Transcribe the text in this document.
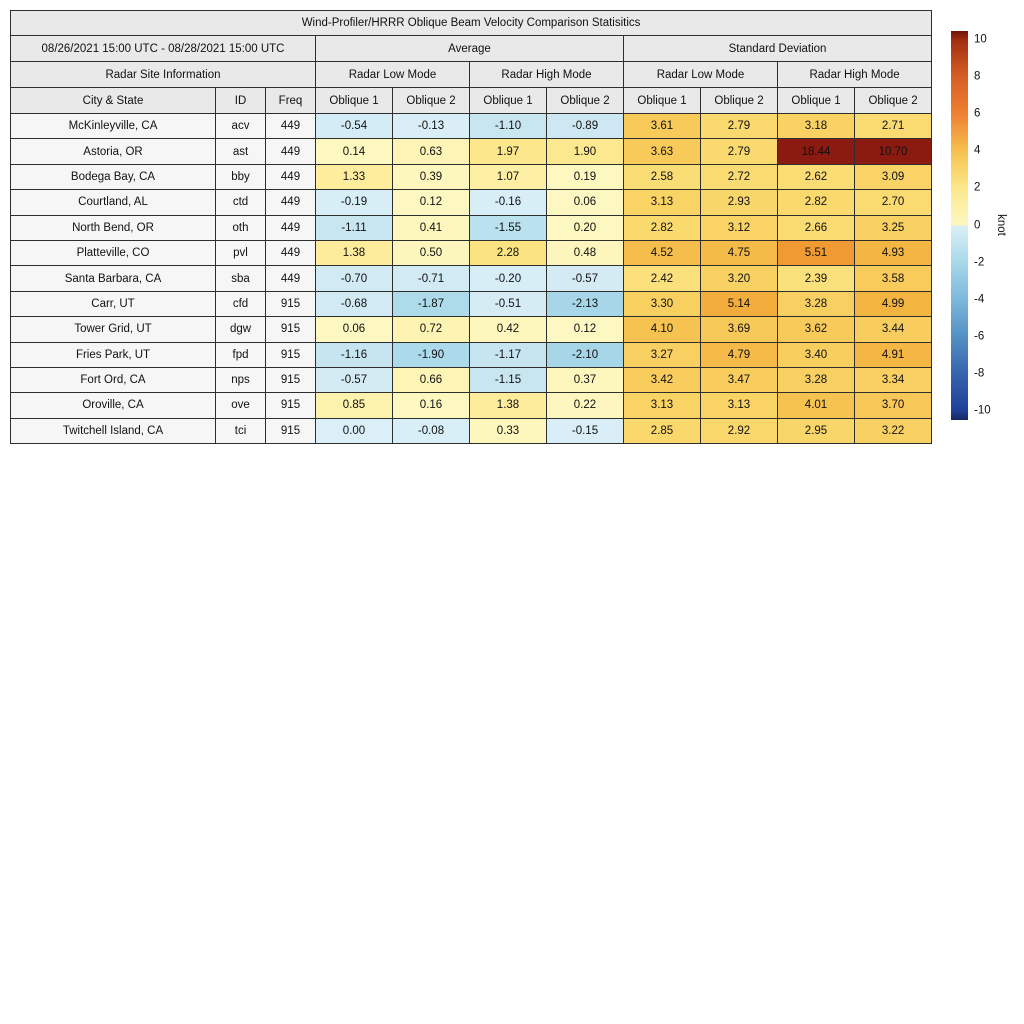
Wind-Profiler/HRRR Oblique Beam Velocity Comparison Statisitics										
08/26/2021 15:00 UTC - 08/28/2021 15:00 UTC			Average				Standard Deviation			
Radar Site Information			Radar Low Mode		Radar High Mode		Radar Low Mode		Radar High Mode	
City & State	ID	Freq	Oblique 1	Oblique 2	Oblique 1	Oblique 2	Oblique 1	Oblique 2	Oblique 1	Oblique 2
McKinleyville, CA	acv	449	-0.54	-0.13	-1.10	-0.89	3.61	2.79	3.18	2.71
Astoria, OR	ast	449	0.14	0.63	1.97	1.90	3.63	2.79	18.44	10.70
Bodega Bay, CA	bby	449	1.33	0.39	1.07	0.19	2.58	2.72	2.62	3.09
Courtland, AL	ctd	449	-0.19	0.12	-0.16	0.06	3.13	2.93	2.82	2.70
North Bend, OR	oth	449	-1.11	0.41	-1.55	0.20	2.82	3.12	2.66	3.25
Platteville, CO	pvl	449	1.38	0.50	2.28	0.48	4.52	4.75	5.51	4.93
Santa Barbara, CA	sba	449	-0.70	-0.71	-0.20	-0.57	2.42	3.20	2.39	3.58
Carr, UT	cfd	915	-0.68	-1.87	-0.51	-2.13	3.30	5.14	3.28	4.99
Tower Grid, UT	dgw	915	0.06	0.72	0.42	0.12	4.10	3.69	3.62	3.44
Fries Park, UT	fpd	915	-1.16	-1.90	-1.17	-2.10	3.27	4.79	3.40	4.91
Fort Ord, CA	nps	915	-0.57	0.66	-1.15	0.37	3.42	3.47	3.28	3.34
Oroville, CA	ove	915	0.85	0.16	1.38	0.22	3.13	3.13	4.01	3.70
Twitchell Island, CA	tci	915	0.00	-0.08	0.33	-0.15	2.85	2.92	2.95	3.22
10
8
6
4
2
0
-2
-4
-6
-8
-10
knot
